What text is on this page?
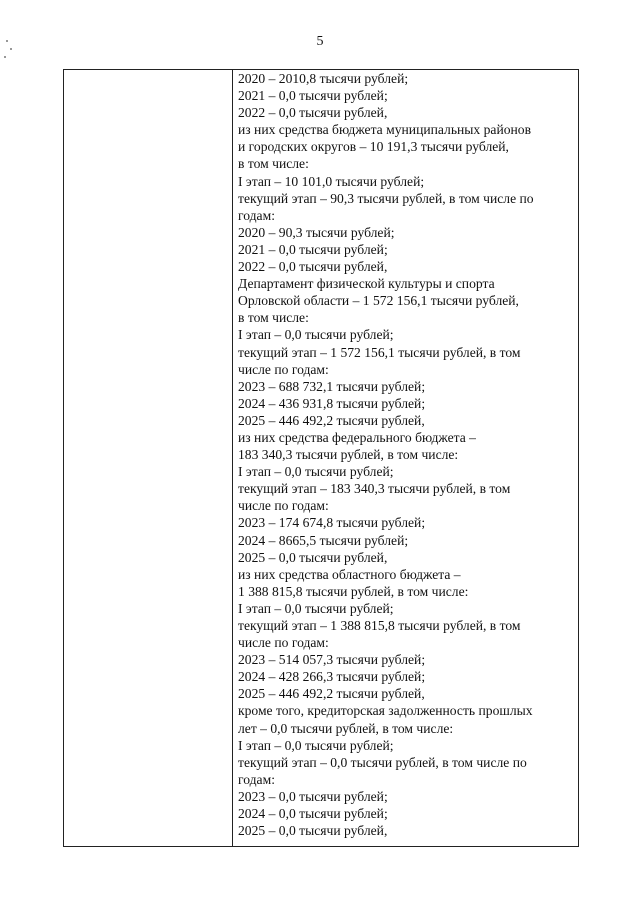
5
2020 – 2010,8 тысячи рублей;
2021 – 0,0 тысячи рублей;
2022 – 0,0 тысячи рублей,
из них средства бюджета муниципальных районов
и городских округов – 10 191,3 тысячи рублей,
в том числе:
I этап – 10 101,0 тысячи рублей;
текущий этап – 90,3 тысячи рублей, в том числе по
годам:
2020 – 90,3 тысячи рублей;
2021 – 0,0 тысячи рублей;
2022 – 0,0 тысячи рублей,
Департамент физической культуры и спорта
Орловской области – 1 572 156,1 тысячи рублей,
в том числе:
I этап – 0,0 тысячи рублей;
текущий этап – 1 572 156,1 тысячи рублей, в том
числе по годам:
2023 – 688 732,1 тысячи рублей;
2024 – 436 931,8 тысячи рублей;
2025 – 446 492,2 тысячи рублей,
из них средства федерального бюджета –
183 340,3 тысячи рублей, в том числе:
I этап – 0,0 тысячи рублей;
текущий этап – 183 340,3 тысячи рублей, в том
числе по годам:
2023 – 174 674,8 тысячи рублей;
2024 – 8665,5 тысячи рублей;
2025 – 0,0 тысячи рублей,
из них средства областного бюджета –
1 388 815,8 тысячи рублей, в том числе:
I этап – 0,0 тысячи рублей;
текущий этап – 1 388 815,8 тысячи рублей, в том
числе по годам:
2023 – 514 057,3 тысячи рублей;
2024 – 428 266,3 тысячи рублей;
2025 – 446 492,2 тысячи рублей,
кроме того, кредиторская задолженность прошлых
лет – 0,0 тысячи рублей, в том числе:
I этап – 0,0 тысячи рублей;
текущий этап – 0,0 тысячи рублей, в том числе по
годам:
2023 – 0,0 тысячи рублей;
2024 – 0,0 тысячи рублей;
2025 – 0,0 тысячи рублей,
